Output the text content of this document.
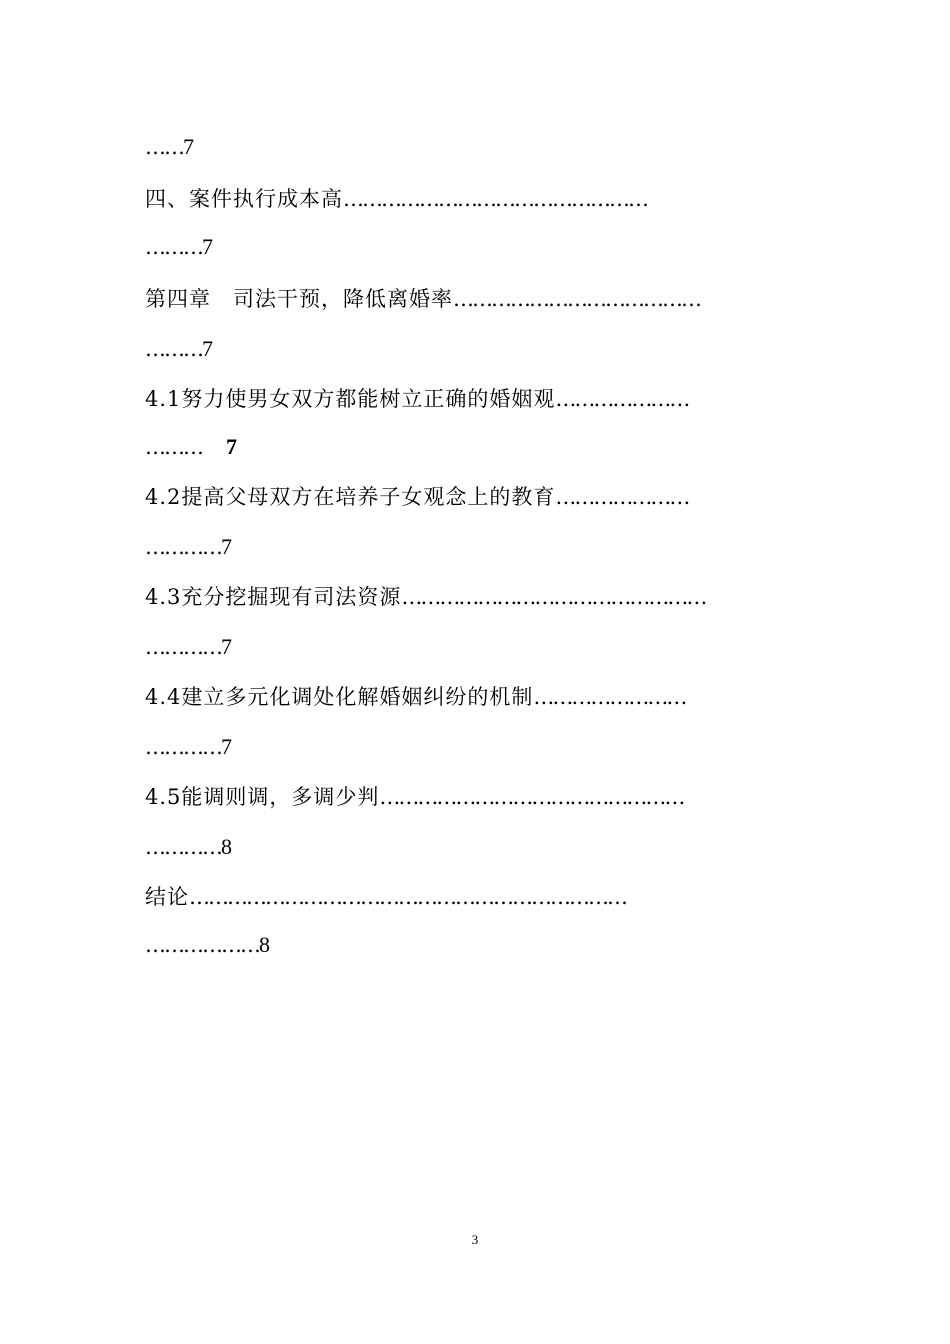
……7
四、案件执行成本高…………………………………………
………7
第四章　司法干预，降低离婚率…………………………………
………7
4.1努力使男女双方都能树立正确的婚姻观…………………
……… 7
4.2提高父母双方在培养子女观念上的教育…………………
…………7
4.3充分挖掘现有司法资源…………………………………………
…………7
4.4建立多元化调处化解婚姻纠纷的机制……………………
…………7
4.5能调则调，多调少判…………………………………………
…………8
结论……………………………………………………………
………………8
3
